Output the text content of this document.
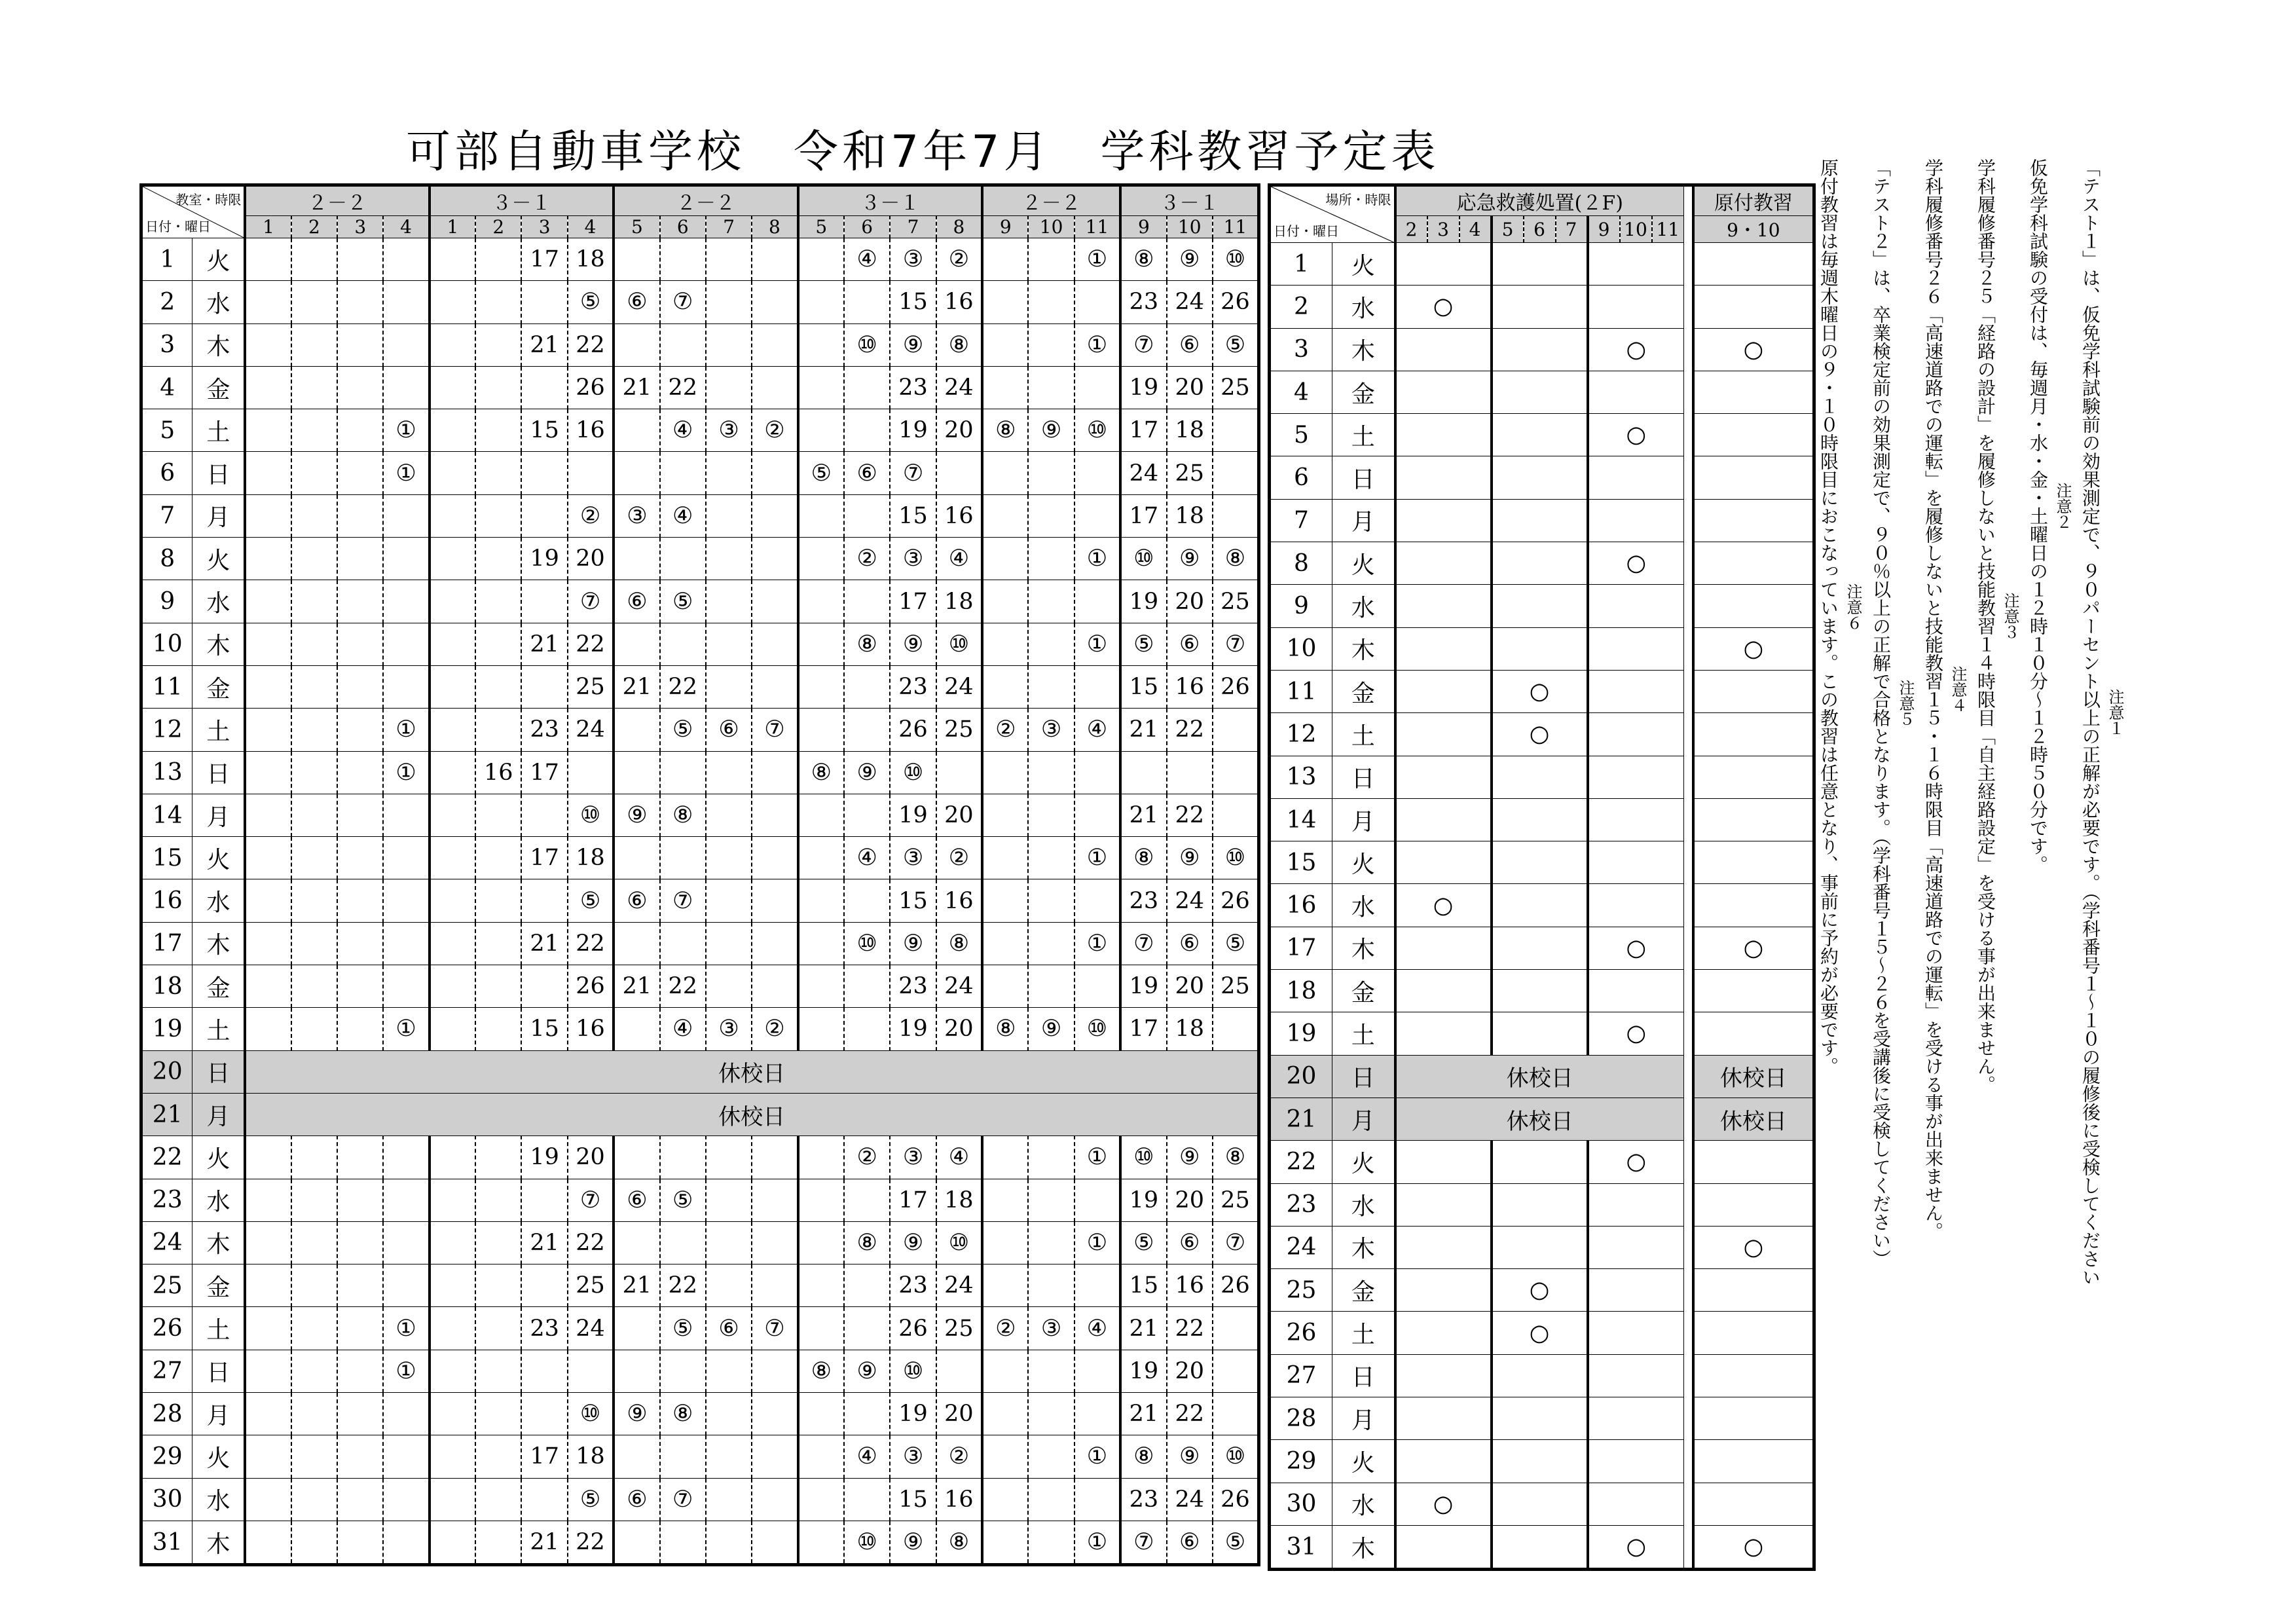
可部自動車学校　令和7年7月　学科教習予定表
教室・時限
日付・曜日		２－２				３－１				２－２				３－１				２－２			３－１		
		1	2	3	4	1	2	3	4	5	6	7	8	5	6	7	8	9	10	11	9	10	11
1	火							17	18						④	③	②			①	⑧	⑨	⑩
2	水								⑤	⑥	⑦					15	16				23	24	26
3	木							21	22						⑩	⑨	⑧			①	⑦	⑥	⑤
4	金								26	21	22					23	24				19	20	25
5	土				①			15	16		④	③	②			19	20	⑧	⑨	⑩	17	18	
6	日				①									⑤	⑥	⑦					24	25	
7	月								②	③	④					15	16				17	18	
8	火							19	20						②	③	④			①	⑩	⑨	⑧
9	水								⑦	⑥	⑤					17	18				19	20	25
10	木							21	22						⑧	⑨	⑩			①	⑤	⑥	⑦
11	金								25	21	22					23	24				15	16	26
12	土				①			23	24		⑤	⑥	⑦			26	25	②	③	④	21	22	
13	日				①		16	17						⑧	⑨	⑩							
14	月								⑩	⑨	⑧					19	20				21	22	
15	火							17	18						④	③	②			①	⑧	⑨	⑩
16	水								⑤	⑥	⑦					15	16				23	24	26
17	木							21	22						⑩	⑨	⑧			①	⑦	⑥	⑤
18	金								26	21	22					23	24				19	20	25
19	土				①			15	16		④	③	②			19	20	⑧	⑨	⑩	17	18	
20	日	休校日																					
21	月	休校日																					
22	火							19	20						②	③	④			①	⑩	⑨	⑧
23	水								⑦	⑥	⑤					17	18				19	20	25
24	木							21	22						⑧	⑨	⑩			①	⑤	⑥	⑦
25	金								25	21	22					23	24				15	16	26
26	土				①			23	24		⑤	⑥	⑦			26	25	②	③	④	21	22	
27	日				①									⑧	⑨	⑩					19	20	
28	月								⑩	⑨	⑧					19	20				21	22	
29	火							17	18						④	③	②			①	⑧	⑨	⑩
30	水								⑤	⑥	⑦					15	16				23	24	26
31	木							21	22						⑩	⑨	⑧			①	⑦	⑥	⑤
場所・時限
日付・曜日		応急救護処置(２F)										原付教習
		2	3	4	5	6	7	9	10	11		9・10
1	火											
2	水	○										
3	木							○				○
4	金											
5	土							○				
6	日											
7	月											
8	火							○				
9	水											
10	木											○
11	金				○							
12	土				○							
13	日											
14	月											
15	火											
16	水	○										
17	木							○				○
18	金											
19	土							○				
20	日	休校日										休校日
21	月	休校日										休校日
22	火							○				
23	水											
24	木											○
25	金				○							
26	土				○							
27	日											
28	月											
29	火											
30	水	○										
31	木							○				○
注意１
「テスト１」は、仮免学科試験前の効果測定で、９０パーセント以上の正解が必要です。（学科番号１～１０の履修後に受検してください
注意２
仮免学科試験の受付は、毎週月・水・金・土曜日の１２時１０分～１２時５０分です。
注意３
学科履修番号２５「経路の設計」を履修しないと技能教習１４時限目「自主経路設定」を受ける事が出来ません。
注意４
学科履修番号２６「高速道路での運転」を履修しないと技能教習１５・１６時限目「高速道路での運転」を受ける事が出来ません。
注意５
「テスト２」は、卒業検定前の効果測定で、９０％以上の正解で合格となります。（学科番号１５～２６を受講後に受検してください）
注意６
原付教習は毎週木曜日の９・１０時限目におこなっています。この教習は任意となり、事前に予約が必要です。
